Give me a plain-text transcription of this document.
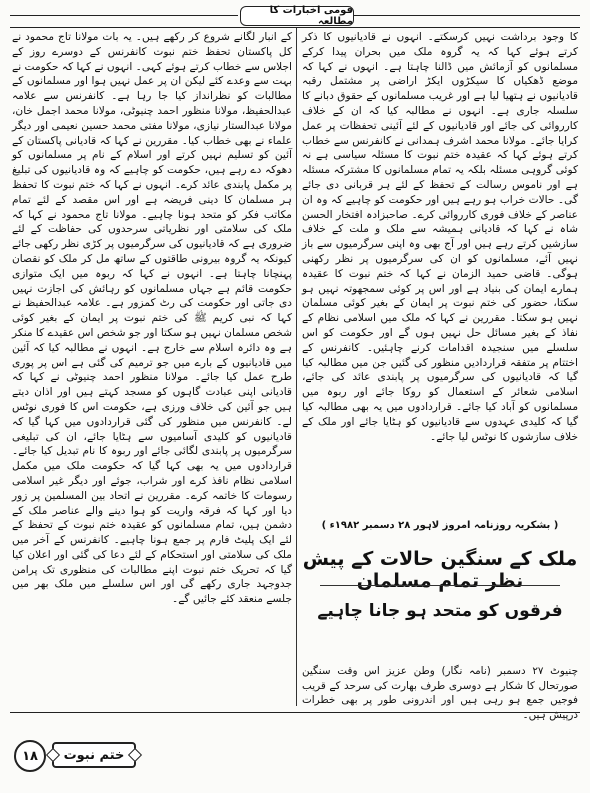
قومی اخبارات کا مطالعہ

کا وجود برداشت نہیں کرسکتے۔ انہوں نے قادیانیوں کا ذکر کرتے ہوئے کہا کہ یہ گروہ ملک میں بحران پیدا کرکے مسلمانوں کو آزمائش میں ڈالنا چاہتا ہے۔ انہوں نے کہا کہ موضع ڈھکیاں کا سیکڑوں ایکڑ اراضی پر مشتمل رقبہ قادیانیوں نے ہتھیا لیا ہے اور غریب مسلمانوں کے حقوق دبانے کا سلسلہ جاری ہے۔ انہوں نے مطالبہ کیا کہ ان کے خلاف کارروائی کی جائے اور قادیانیوں کے لئے آئینی تحفظات پر عمل کرایا جائے۔ مولانا محمد اشرف ہمدانی نے کانفرنس سے خطاب کرتے ہوئے کہا کہ عقیدہ ختم نبوت کا مسئلہ سیاسی ہے نہ کوئی گروہی مسئلہ بلکہ یہ تمام مسلمانوں کا مشترکہ مسئلہ ہے اور ناموس رسالت کے تحفظ کے لئے ہر قربانی دی جائے گی۔ حالات خراب ہو رہے ہیں اور حکومت کو چاہیے کہ وہ ان عناصر کے خلاف فوری کارروائی کرے۔ صاحبزادہ افتخار الحسن شاہ نے کہا کہ قادیانی ہمیشہ سے ملک و ملت کے خلاف سازشیں کرتے رہے ہیں اور آج بھی وہ اپنی سرگرمیوں سے باز نہیں آئے، مسلمانوں کو ان کی سرگرمیوں پر نظر رکھنی ہوگی۔ قاضی حمید الزمان نے کہا کہ ختم نبوت کا عقیدہ ہمارے ایمان کی بنیاد ہے اور اس پر کوئی سمجھوتہ نہیں ہو سکتا، حضور کی ختم نبوت پر ایمان کے بغیر کوئی مسلمان نہیں ہو سکتا۔ مقررین نے کہا کہ ملک میں اسلامی نظام کے نفاذ کے بغیر مسائل حل نہیں ہوں گے اور حکومت کو اس سلسلے میں سنجیدہ اقدامات کرنے چاہئیں۔ کانفرنس کے اختتام پر متفقہ قراردادیں منظور کی گئیں جن میں مطالبہ کیا گیا کہ قادیانیوں کی سرگرمیوں پر پابندی عائد کی جائے، اسلامی شعائر کے استعمال کو روکا جائے اور ربوہ میں مسلمانوں کو آباد کیا جائے۔ قراردادوں میں یہ بھی مطالبہ کیا گیا کہ کلیدی عہدوں سے قادیانیوں کو ہٹایا جائے اور ملک کے خلاف سازشوں کا نوٹس لیا جائے۔

( بشکریہ روزنامہ امروز لاہور ۲۸ دسمبر ۱۹۸۲ء )
ملک کے سنگین حالات کے پیش نظر تمام مسلمان
فرقوں کو متحد ہو جانا چاہیے
چنیوٹ ۲۷ دسمبر (نامہ نگار) وطن عزیز اس وقت سنگین صورتحال کا شکار ہے دوسری طرف بھارت کی سرحد کے قریب فوجیں جمع ہو رہی ہیں اور اندرونی طور پر بھی خطرات درپیش ہیں۔

کے انبار لگانے شروع کر رکھے ہیں۔ یہ بات مولانا تاج محمود نے کل پاکستان تحفظ ختم نبوت کانفرنس کے دوسرے روز کے اجلاس سے خطاب کرتے ہوئے کہی۔ انہوں نے کہا کہ حکومت نے بہت سے وعدے کئے لیکن ان پر عمل نہیں ہوا اور مسلمانوں کے مطالبات کو نظرانداز کیا جا رہا ہے۔ کانفرنس سے علامہ عبدالحفیظ، مولانا منظور احمد چنیوٹی، مولانا محمد اجمل خان، مولانا عبدالستار نیازی، مولانا مفتی محمد حسین نعیمی اور دیگر علماء نے بھی خطاب کیا۔ مقررین نے کہا کہ قادیانی پاکستان کے آئین کو تسلیم نہیں کرتے اور اسلام کے نام پر مسلمانوں کو دھوکہ دے رہے ہیں، حکومت کو چاہیے کہ وہ قادیانیوں کی تبلیغ پر مکمل پابندی عائد کرے۔ انہوں نے کہا کہ ختم نبوت کا تحفظ ہر مسلمان کا دینی فریضہ ہے اور اس مقصد کے لئے تمام مکاتب فکر کو متحد ہونا چاہیے۔ مولانا تاج محمود نے کہا کہ ملک کی سلامتی اور نظریاتی سرحدوں کی حفاظت کے لئے ضروری ہے کہ قادیانیوں کی سرگرمیوں پر کڑی نظر رکھی جائے کیونکہ یہ گروہ بیرونی طاقتوں کے ساتھ مل کر ملک کو نقصان پہنچانا چاہتا ہے۔ انہوں نے کہا کہ ربوہ میں ایک متوازی حکومت قائم ہے جہاں مسلمانوں کو رہائش کی اجازت نہیں دی جاتی اور حکومت کی رٹ کمزور ہے۔ علامہ عبدالحفیظ نے کہا کہ نبی کریم ﷺ کی ختم نبوت پر ایمان کے بغیر کوئی شخص مسلمان نہیں ہو سکتا اور جو شخص اس عقیدے کا منکر ہے وہ دائرہ اسلام سے خارج ہے۔ انہوں نے مطالبہ کیا کہ آئین میں قادیانیوں کے بارے میں جو ترمیم کی گئی ہے اس پر پوری طرح عمل کیا جائے۔ مولانا منظور احمد چنیوٹی نے کہا کہ قادیانی اپنی عبادت گاہوں کو مسجد کہتے ہیں اور اذان دیتے ہیں جو آئین کی خلاف ورزی ہے، حکومت اس کا فوری نوٹس لے۔ کانفرنس میں منظور کی گئی قراردادوں میں کہا گیا کہ قادیانیوں کو کلیدی آسامیوں سے ہٹایا جائے، ان کی تبلیغی سرگرمیوں پر پابندی لگائی جائے اور ربوہ کا نام تبدیل کیا جائے۔ قراردادوں میں یہ بھی کہا گیا کہ حکومت ملک میں مکمل اسلامی نظام نافذ کرے اور شراب، جوئے اور دیگر غیر اسلامی رسومات کا خاتمہ کرے۔ مقررین نے اتحاد بین المسلمین پر زور دیا اور کہا کہ فرقہ واریت کو ہوا دینے والے عناصر ملک کے دشمن ہیں، تمام مسلمانوں کو عقیدہ ختم نبوت کے تحفظ کے لئے ایک پلیٹ فارم پر جمع ہونا چاہیے۔ کانفرنس کے آخر میں ملک کی سلامتی اور استحکام کے لئے دعا کی گئی اور اعلان کیا گیا کہ تحریک ختم نبوت اپنے مطالبات کی منظوری تک پرامن جدوجہد جاری رکھے گی اور اس سلسلے میں ملک بھر میں جلسے منعقد کئے جائیں گے۔

۱۸	ختم نبوت
